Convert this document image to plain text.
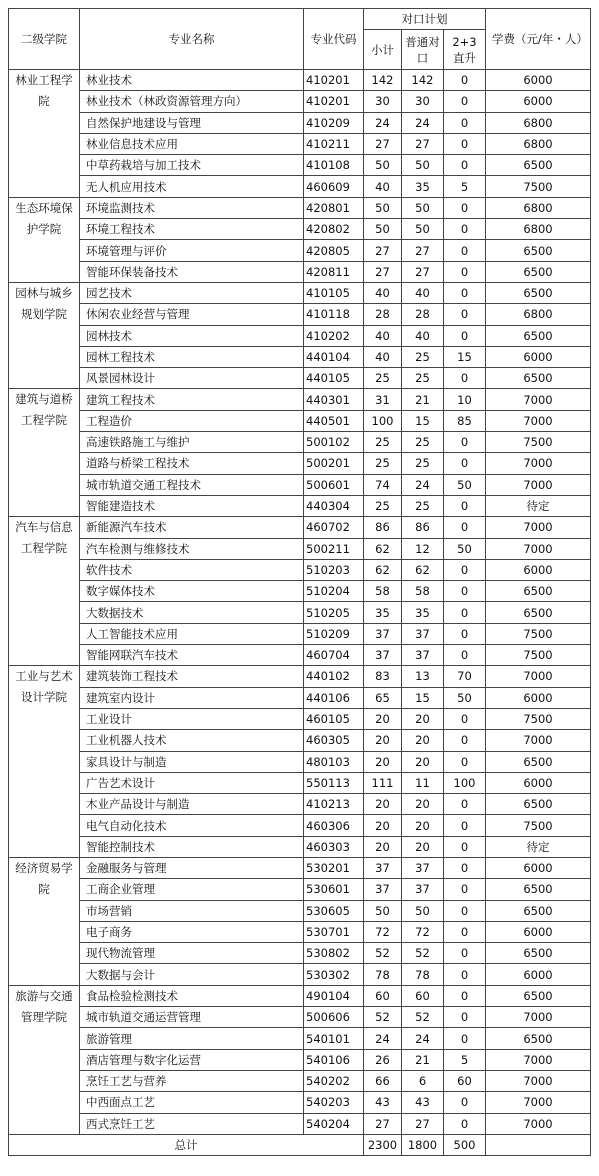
二级学院	专业名称	专业代码	对口计划			学费（元/年・人）
			小计	普通对口	2+3直升	
林业工程学院	林业技术	410201	142	142	0	6000
	林业技术（林政资源管理方向）	410201	30	30	0	6000
	自然保护地建设与管理	410209	24	24	0	6800
	林业信息技术应用	410211	27	27	0	6800
	中草药栽培与加工技术	410108	50	50	0	6500
	无人机应用技术	460609	40	35	5	7500
生态环境保护学院	环境监测技术	420801	50	50	0	6800
	环境工程技术	420802	50	50	0	6800
	环境管理与评价	420805	27	27	0	6500
	智能环保装备技术	420811	27	27	0	6500
园林与城乡规划学院	园艺技术	410105	40	40	0	6500
	休闲农业经营与管理	410118	28	28	0	6800
	园林技术	410202	40	40	0	6500
	园林工程技术	440104	40	25	15	6000
	风景园林设计	440105	25	25	0	6500
建筑与道桥工程学院	建筑工程技术	440301	31	21	10	7000
	工程造价	440501	100	15	85	7000
	高速铁路施工与维护	500102	25	25	0	7500
	道路与桥梁工程技术	500201	25	25	0	7000
	城市轨道交通工程技术	500601	74	24	50	7000
	智能建造技术	440304	25	25	0	待定
汽车与信息工程学院	新能源汽车技术	460702	86	86	0	7000
	汽车检测与维修技术	500211	62	12	50	7000
	软件技术	510203	62	62	0	6000
	数字媒体技术	510204	58	58	0	6500
	大数据技术	510205	35	35	0	6500
	人工智能技术应用	510209	37	37	0	7500
	智能网联汽车技术	460704	37	37	0	7500
工业与艺术设计学院	建筑装饰工程技术	440102	83	13	70	7000
	建筑室内设计	440106	65	15	50	6000
	工业设计	460105	20	20	0	7500
	工业机器人技术	460305	20	20	0	7000
	家具设计与制造	480103	20	20	0	6500
	广告艺术设计	550113	111	11	100	6000
	木业产品设计与制造	410213	20	20	0	6500
	电气自动化技术	460306	20	20	0	7500
	智能控制技术	460303	20	20	0	待定
经济贸易学院	金融服务与管理	530201	37	37	0	6000
	工商企业管理	530601	37	37	0	6500
	市场营销	530605	50	50	0	6500
	电子商务	530701	72	72	0	6000
	现代物流管理	530802	52	52	0	6500
	大数据与会计	530302	78	78	0	6000
旅游与交通管理学院	食品检验检测技术	490104	60	60	0	6500
	城市轨道交通运营管理	500606	52	52	0	7000
	旅游管理	540101	24	24	0	6500
	酒店管理与数字化运营	540106	26	21	5	7000
	烹饪工艺与营养	540202	66	6	60	7000
	中西面点工艺	540203	43	43	0	7000
	西式烹饪工艺	540204	27	27	0	7000
总计			2300	1800	500	
